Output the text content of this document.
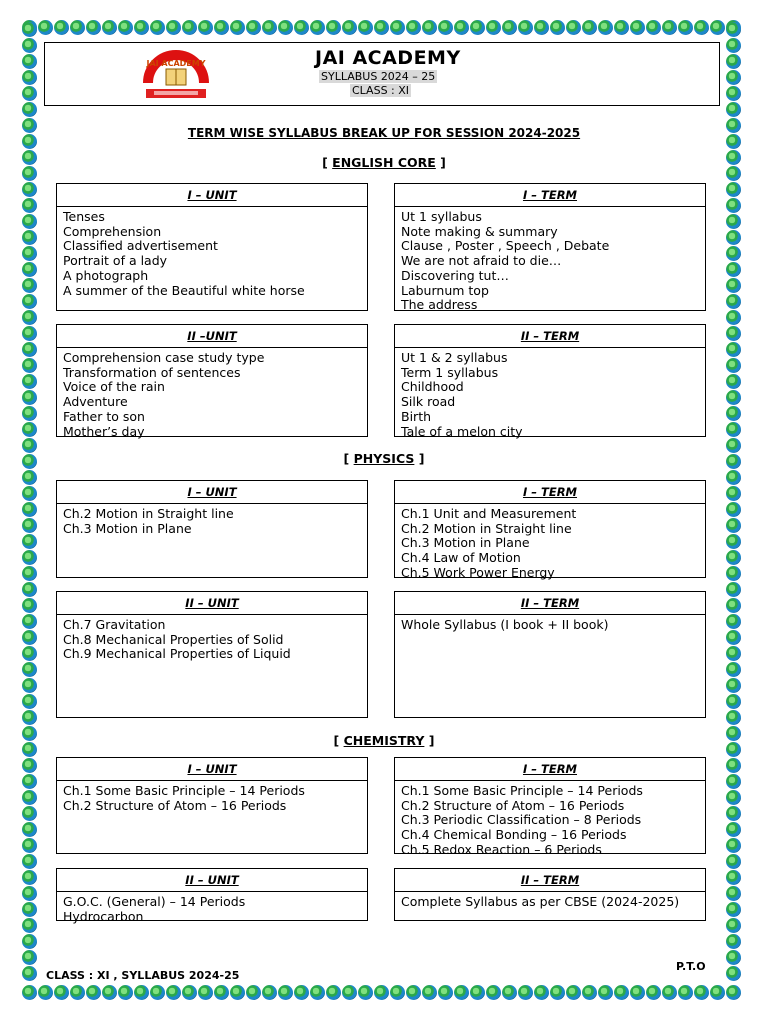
JAI ACADEMY	JAI ACADEMY
SYLLABUS 2024 – 25
CLASS : XI
TERM WISE SYLLABUS BREAK UP FOR SESSION 2024-2025
[ ENGLISH CORE ]
I – UNIT
Tenses
Comprehension
Classified advertisement
Portrait of a lady
A photograph
A summer of the Beautiful white horse
I – TERM
Ut 1 syllabus
Note making & summary
Clause , Poster , Speech , Debate
We are not afraid to die…
Discovering tut…
Laburnum top
The address
II –UNIT
Comprehension case study type
Transformation of sentences
Voice of the rain
Adventure
Father to son
Mother’s day
II – TERM
Ut 1 & 2 syllabus
Term 1 syllabus
Childhood
Silk road
Birth
Tale of a melon city
[ PHYSICS ]
I – UNIT
Ch.2 Motion in Straight line
Ch.3 Motion in Plane
I – TERM
Ch.1 Unit and Measurement
Ch.2 Motion in Straight line
Ch.3 Motion in Plane
Ch.4 Law of Motion
Ch.5 Work Power Energy
II – UNIT
Ch.7 Gravitation
Ch.8 Mechanical Properties of Solid
Ch.9 Mechanical Properties of Liquid
II – TERM
Whole Syllabus (I book + II book)
[ CHEMISTRY ]
I – UNIT
Ch.1 Some Basic Principle – 14 Periods
Ch.2 Structure of Atom – 16 Periods
I – TERM
Ch.1 Some Basic Principle – 14 Periods
Ch.2 Structure of Atom – 16 Periods
Ch.3 Periodic Classification – 8 Periods
Ch.4 Chemical Bonding – 16 Periods
Ch.5 Redox Reaction – 6 Periods
II – UNIT
G.O.C. (General) – 14 Periods
Hydrocarbon
II – TERM
Complete Syllabus as per CBSE (2024-2025)
P.T.O
CLASS : XI , SYLLABUS 2024-25
